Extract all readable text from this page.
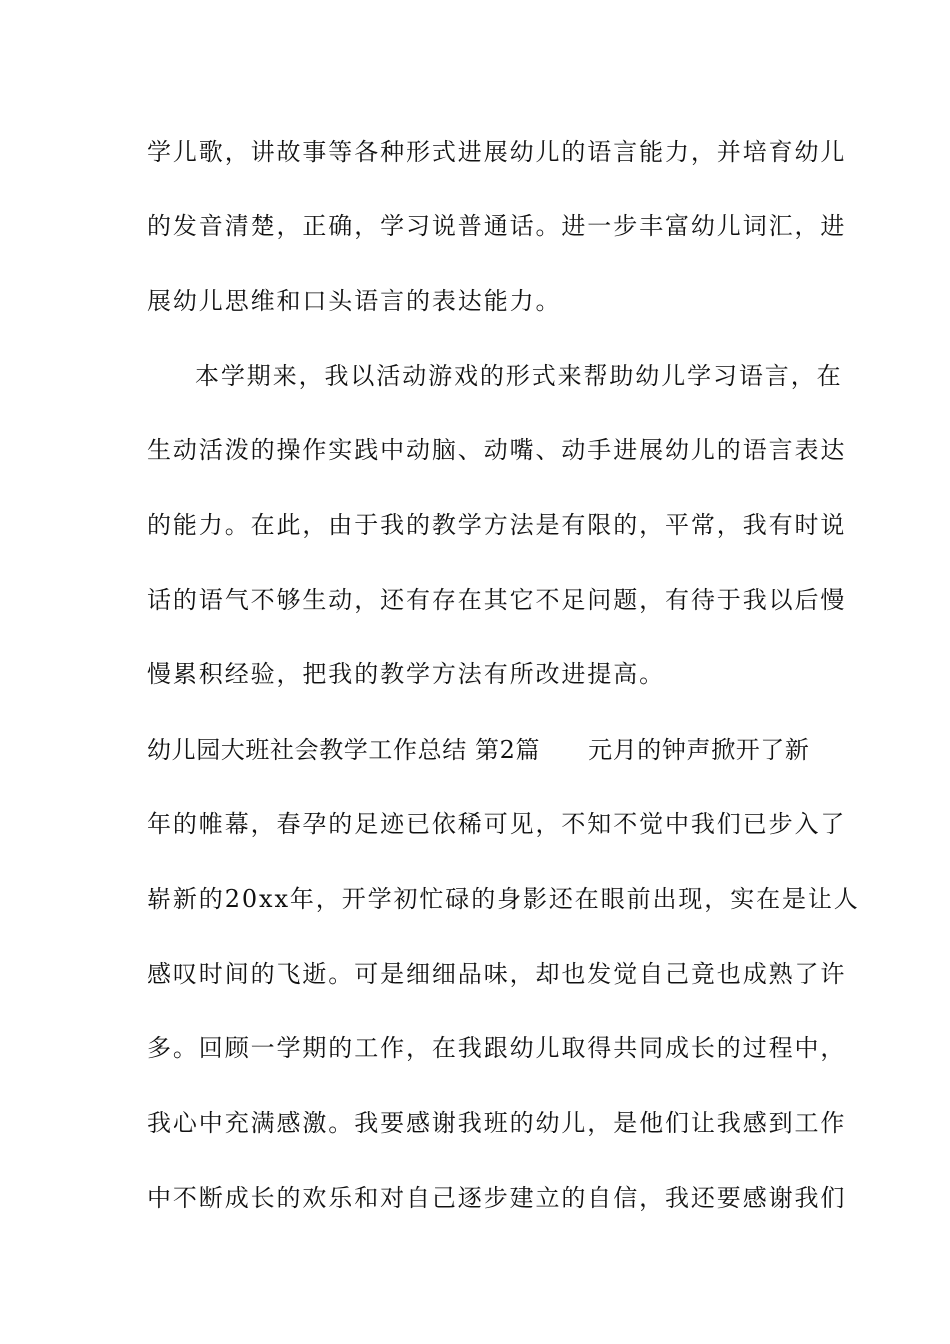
学儿歌，讲故事等各种形式进展幼儿的语言能力，并培育幼儿
的发音清楚，正确，学习说普通话。进一步丰富幼儿词汇，进
展幼儿思维和口头语言的表达能力。
本学期来，我以活动游戏的形式来帮助幼儿学习语言，在
生动活泼的操作实践中动脑、动嘴、动手进展幼儿的语言表达
的能力。在此，由于我的教学方法是有限的，平常，我有时说
话的语气不够生动，还有存在其它不足问题，有待于我以后慢
慢累积经验，把我的教学方法有所改进提高。
幼儿园大班社会教学工作总结 第2篇 元月的钟声掀开了新
年的帷幕，春孕的足迹已依稀可见，不知不觉中我们已步入了
崭新的20xx年，开学初忙碌的身影还在眼前出现，实在是让人
感叹时间的飞逝。可是细细品味，却也发觉自己竟也成熟了许
多。回顾一学期的工作，在我跟幼儿取得共同成长的过程中，
我心中充满感激。我要感谢我班的幼儿，是他们让我感到工作
中不断成长的欢乐和对自己逐步建立的自信，我还要感谢我们
